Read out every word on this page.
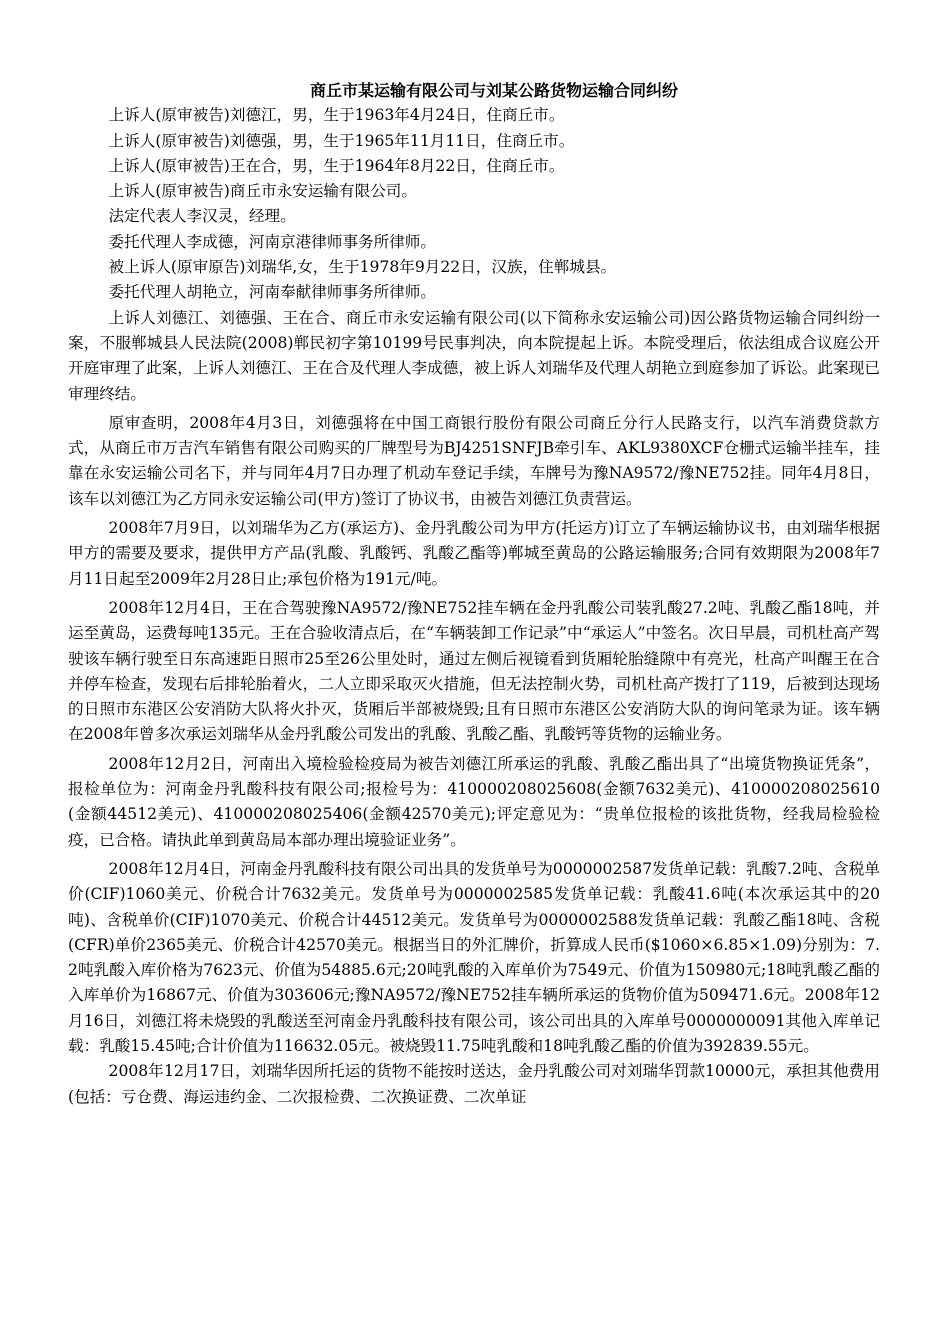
商丘市某运输有限公司与刘某公路货物运输合同纠纷

上诉人(原审被告)刘德江，男，生于1963年4月24日，住商丘市。

上诉人(原审被告)刘德强，男，生于1965年11月11日，住商丘市。

上诉人(原审被告)王在合，男，生于1964年8月22日，住商丘市。

上诉人(原审被告)商丘市永安运输有限公司。

法定代表人李汉灵，经理。

委托代理人李成德，河南京港律师事务所律师。

被上诉人(原审原告)刘瑞华,女，生于1978年9月22日，汉族，住郸城县。

委托代理人胡艳立，河南奉献律师事务所律师。

上诉人刘德江、刘德强、王在合、商丘市永安运输有限公司(以下简称永安运输公司)因公路货物运输合同纠纷一案，不服郸城县人民法院(2008)郸民初字第10199号民事判决，向本院提起上诉。本院受理后，依法组成合议庭公开开庭审理了此案，上诉人刘德江、王在合及代理人李成德，被上诉人刘瑞华及代理人胡艳立到庭参加了诉讼。此案现已审理终结。

原审查明，2008年4月3日，刘德强将在中国工商银行股份有限公司商丘分行人民路支行，以汽车消费贷款方式，从商丘市万吉汽车销售有限公司购买的厂牌型号为BJ4251SNFJB牵引车、AKL9380XCF仓栅式运输半挂车，挂靠在永安运输公司名下，并与同年4月7日办理了机动车登记手续，车牌号为豫NA9572/豫NE752挂。同年4月8日，该车以刘德江为乙方同永安运输公司(甲方)签订了协议书，由被告刘德江负责营运。

2008年7月9日，以刘瑞华为乙方(承运方)、金丹乳酸公司为甲方(托运方)订立了车辆运输协议书，由刘瑞华根据甲方的需要及要求，提供甲方产品(乳酸、乳酸钙、乳酸乙酯等)郸城至黄岛的公路运输服务;合同有效期限为2008年7月11日起至2009年2月28日止;承包价格为191元/吨。

2008年12月4日，王在合驾驶豫NA9572/豫NE752挂车辆在金丹乳酸公司装乳酸27.2吨、乳酸乙酯18吨，并运至黄岛，运费每吨135元。王在合验收清点后，在“车辆装卸工作记录”中“承运人”中签名。次日早晨，司机杜高产驾驶该车辆行驶至日东高速距日照市25至26公里处时，通过左侧后视镜看到货厢轮胎缝隙中有亮光，杜高产叫醒王在合并停车检查，发现右后排轮胎着火，二人立即采取灭火措施，但无法控制火势，司机杜高产拨打了119，后被到达现场的日照市东港区公安消防大队将火扑灭，货厢后半部被烧毁;且有日照市东港区公安消防大队的询问笔录为证。该车辆在2008年曾多次承运刘瑞华从金丹乳酸公司发出的乳酸、乳酸乙酯、乳酸钙等货物的运输业务。

2008年12月2日，河南出入境检验检疫局为被告刘德江所承运的乳酸、乳酸乙酯出具了“出境货物换证凭条”，报检单位为：河南金丹乳酸科技有限公司;报检号为：410000208025608(金额7632美元)、410000208025610(金额44512美元)、410000208025406(金额42570美元);评定意见为：“贵单位报检的该批货物，经我局检验检疫，已合格。请执此单到黄岛局本部办理出境验证业务”。

2008年12月4日，河南金丹乳酸科技有限公司出具的发货单号为0000002587发货单记载：乳酸7.2吨、含税单价(CIF)1060美元、价税合计7632美元。发货单号为0000002585发货单记载：乳酸41.6吨(本次承运其中的20吨)、含税单价(CIF)1070美元、价税合计44512美元。发货单号为0000002588发货单记载：乳酸乙酯18吨、含税(CFR)单价2365美元、价税合计42570美元。根据当日的外汇牌价，折算成人民币($1060×6.85×1.09)分别为：7.2吨乳酸入库价格为7623元、价值为54885.6元;20吨乳酸的入库单价为7549元、价值为150980元;18吨乳酸乙酯的入库单价为16867元、价值为303606元;豫NA9572/豫NE752挂车辆所承运的货物价值为509471.6元。2008年12月16日，刘德江将未烧毁的乳酸送至河南金丹乳酸科技有限公司，该公司出具的入库单号0000000091其他入库单记载：乳酸15.45吨;合计价值为116632.05元。被烧毁11.75吨乳酸和18吨乳酸乙酯的价值为392839.55元。

2008年12月17日，刘瑞华因所托运的货物不能按时送达，金丹乳酸公司对刘瑞华罚款10000元，承担其他费用(包括：亏仓费、海运违约金、二次报检费、二次换证费、二次单证
